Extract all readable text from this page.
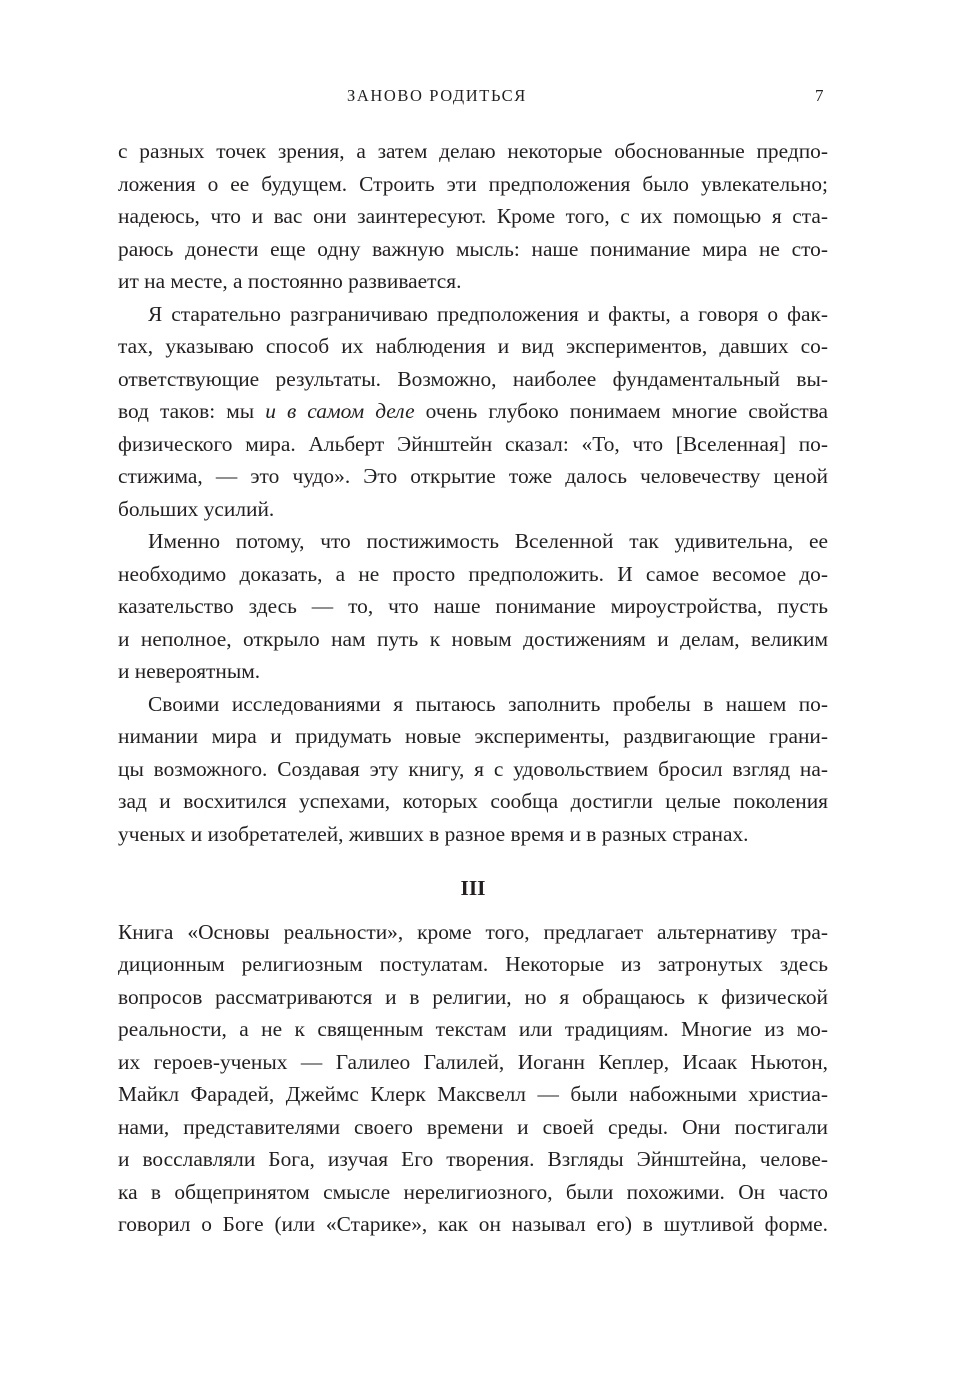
ЗАНОВО РОДИТЬСЯ	7
с разных точек зрения, а затем делаю некоторые обоснованные предпо-
ложения о ее будущем. Строить эти предположения было увлекательно;
надеюсь, что и вас они заинтересуют. Кроме того, с их помощью я ста-
раюсь донести еще одну важную мысль: наше понимание мира не сто-
ит на месте, а постоянно развивается.
Я старательно разграничиваю предположения и факты, а говоря о фак-
тах, указываю способ их наблюдения и вид экспериментов, давших со-
ответствующие результаты. Возможно, наиболее фундаментальный вы-
вод таков: мы и в самом деле очень глубоко понимаем многие свойства
физического мира. Альберт Эйнштейн сказал: «То, что [Вселенная] по-
стижима, — это чудо». Это открытие тоже далось человечеству ценой
больших усилий.
Именно потому, что постижимость Вселенной так удивительна, ее
необходимо доказать, а не просто предположить. И самое весомое до-
казательство здесь — то, что наше понимание мироустройства, пусть
и неполное, открыло нам путь к новым достижениям и делам, великим
и невероятным.
Своими исследованиями я пытаюсь заполнить пробелы в нашем по-
нимании мира и придумать новые эксперименты, раздвигающие грани-
цы возможного. Создавая эту книгу, я с удовольствием бросил взгляд на-
зад и восхитился успехами, которых сообща достигли целые поколения
ученых и изобретателей, живших в разное время и в разных странах.
III
Книга «Основы реальности», кроме того, предлагает альтернативу тра-
диционным религиозным постулатам. Некоторые из затронутых здесь
вопросов рассматриваются и в религии, но я обращаюсь к физической
реальности, а не к священным текстам или традициям. Многие из мо-
их героев-ученых — Галилео Галилей, Иоганн Кеплер, Исаак Ньютон,
Майкл Фарадей, Джеймс Клерк Максвелл — были набожными христиа-
нами, представителями своего времени и своей среды. Они постигали
и восславляли Бога, изучая Его творения. Взгляды Эйнштейна, челове-
ка в общепринятом смысле нерелигиозного, были похожими. Он часто
говорил о Боге (или «Старике», как он называл его) в шутливой форме.
